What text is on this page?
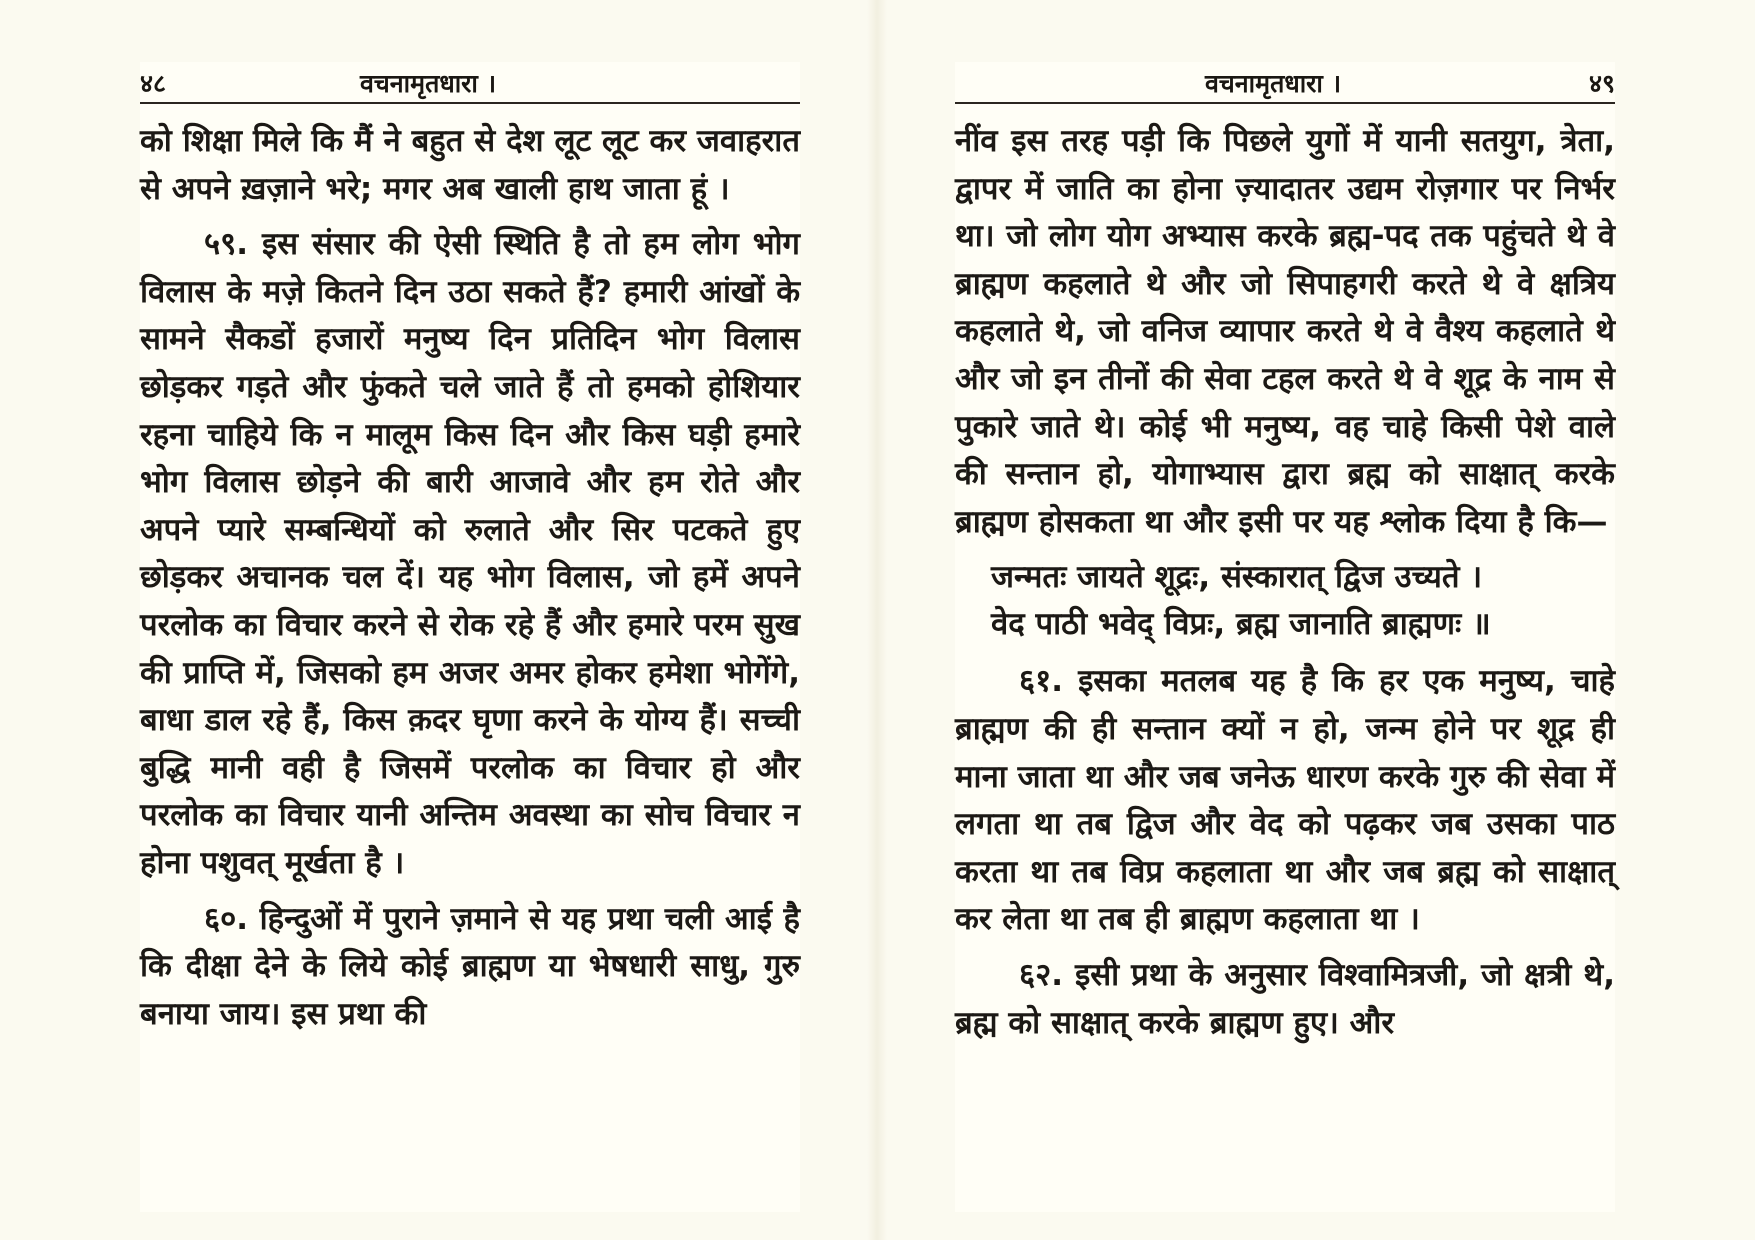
४८	वचनामृतधारा ।

को शिक्षा मिले कि मैं ने बहुत से देश लूट लूट कर जवाहरात से अपने ख़ज़ाने भरे; मगर अब खाली हाथ जाता हूं ।

५९. इस संसार की ऐसी स्थिति है तो हम लोग भोग विलास के मज़े कितने दिन उठा सकते हैं? हमारी आंखों के सामने सैकडों हजारों मनुष्य दिन प्रतिदिन भोग विलास छोड़कर गड़ते और फुंकते चले जाते हैं तो हमको होशियार रहना चाहिये कि न मालूम किस दिन और किस घड़ी हमारे भोग विलास छोड़ने की बारी आजावे और हम रोते और अपने प्यारे सम्बन्धियों को रुलाते और सिर पटकते हुए छोड़कर अचानक चल दें। यह भोग विलास, जो हमें अपने परलोक का विचार करने से रोक रहे हैं और हमारे परम सुख की प्राप्ति में, जिसको हम अजर अमर होकर हमेशा भोगेंगे, बाधा डाल रहे हैं, किस क़दर घृणा करने के योग्य हैं। सच्ची बुद्धि मानी वही है जिसमें परलोक का विचार हो और परलोक का विचार यानी अन्तिम अवस्था का सोच विचार न होना पशुवत् मूर्खता है ।

६०. हिन्दुओं में पुराने ज़माने से यह प्रथा चली आई है कि दीक्षा देने के लिये कोई ब्राह्मण या भेषधारी साधु, गुरु बनाया जाय। इस प्रथा की

वचनामृतधारा ।	४९

नींव इस तरह पड़ी कि पिछले युगों में यानी सतयुग, त्रेता, द्वापर में जाति का होना ज़्यादातर उद्यम रोज़गार पर निर्भर था। जो लोग योग अभ्यास करके ब्रह्म-पद तक पहुंचते थे वे ब्राह्मण कहलाते थे और जो सिपाहगरी करते थे वे क्षत्रिय कहलाते थे, जो वनिज व्यापार करते थे वे वैश्य कहलाते थे और जो इन तीनों की सेवा टहल करते थे वे शूद्र के नाम से पुकारे जाते थे। कोई भी मनुष्य, वह चाहे किसी पेशे वाले की सन्तान हो, योगाभ्यास द्वारा ब्रह्म को साक्षात् करके ब्राह्मण होसकता था और इसी पर यह श्लोक दिया है कि—

जन्मतः जायते शूद्रः, संस्कारात् द्विज उच्यते ।
वेद पाठी भवेद् विप्रः, ब्रह्म जानाति ब्राह्मणः ॥

६१. इसका मतलब यह है कि हर एक मनुष्य, चाहे ब्राह्मण की ही सन्तान क्यों न हो, जन्म होने पर शूद्र ही माना जाता था और जब जनेऊ धारण करके गुरु की सेवा में लगता था तब द्विज और वेद को पढ़कर जब उसका पाठ करता था तब विप्र कहलाता था और जब ब्रह्म को साक्षात् कर लेता था तब ही ब्राह्मण कहलाता था ।

६२. इसी प्रथा के अनुसार विश्वामित्रजी, जो क्षत्री थे, ब्रह्म को साक्षात् करके ब्राह्मण हुए। और
